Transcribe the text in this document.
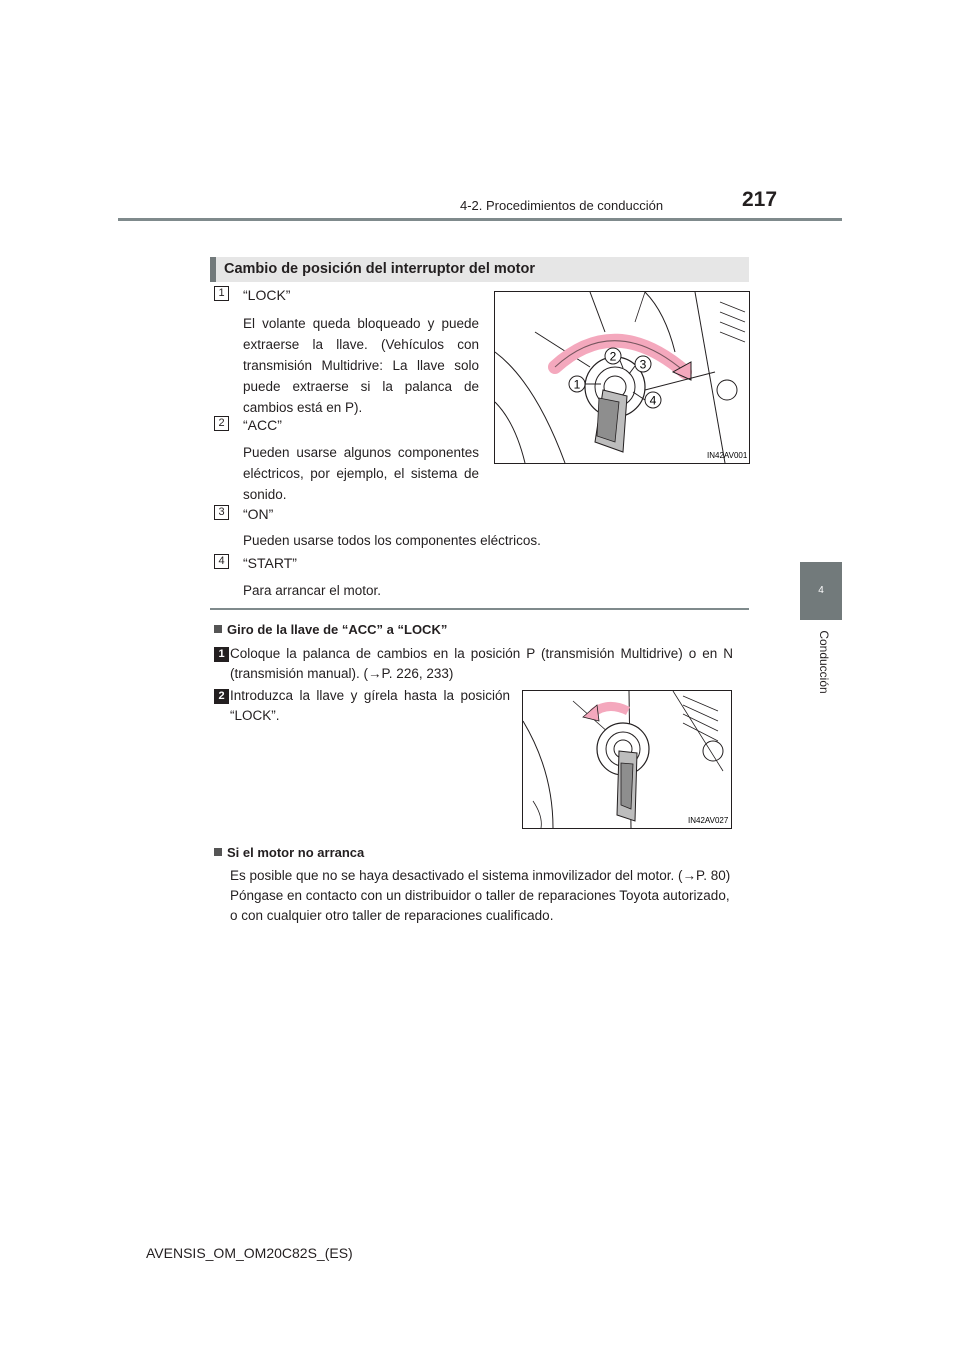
4-2. Procedimientos de conducción	217
4
Conducción
Cambio de posición del interruptor del motor
1	“LOCK”
El volante queda bloqueado y puede extraerse la llave. (Vehículos con transmisión Multidrive: La llave solo puede extraerse si la palanca de cambios está en P).
2	“ACC”
Pueden usarse algunos componentes eléctricos, por ejemplo, el sistema de sonido.
3	“ON”
Pueden usarse todos los componentes eléctricos.
4	“START”
Para arrancar el motor.
1
2
3
4
IN42AV001
Giro de la llave de “ACC” a “LOCK”
1 Coloque la palanca de cambios en la posición P (transmisión Multidrive) o en N (transmisión manual). (→P. 226, 233)
2 Introduzca la llave y gírela hasta la posición “LOCK”.
IN42AV027
Si el motor no arranca
Es posible que no se haya desactivado el sistema inmovilizador del motor. (→P. 80) Póngase en contacto con un distribuidor o taller de reparaciones Toyota autorizado, o con cualquier otro taller de reparaciones cualificado.
AVENSIS_OM_OM20C82S_(ES)
